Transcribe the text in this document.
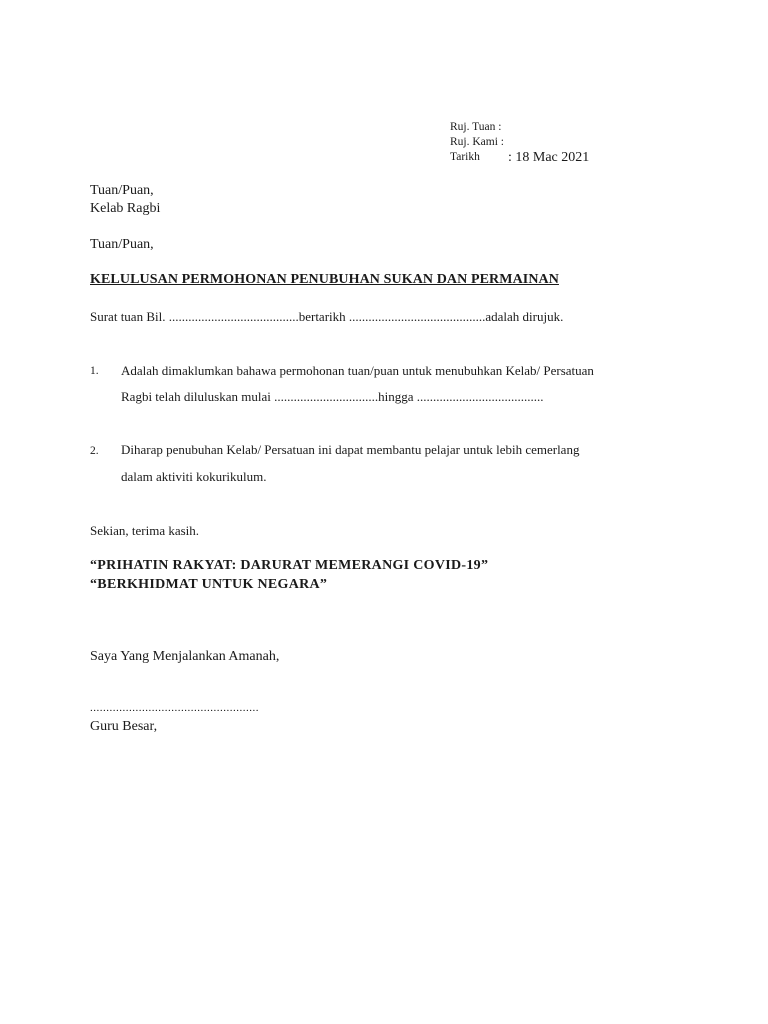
Ruj. Tuan :
Ruj. Kami :
Tarikh	: 18 Mac 2021
Tuan/Puan,
Kelab Ragbi
Tuan/Puan,
KELULUSAN PERMOHONAN PENUBUHAN SUKAN DAN PERMAINAN
Surat tuan Bil. ........................................bertarikh ..........................................adalah dirujuk.
1. Adalah dimaklumkan bahawa permohonan tuan/puan untuk menubuhkan Kelab/ Persatuan
Ragbi telah diluluskan mulai ................................hingga .......................................
2. Diharap penubuhan Kelab/ Persatuan ini dapat membantu pelajar untuk lebih cemerlang
dalam aktiviti kokurikulum.
Sekian, terima kasih.
“PRIHATIN RAKYAT: DARURAT MEMERANGI COVID-19”
“BERKHIDMAT UNTUK NEGARA”
Saya Yang Menjalankan Amanah,
....................................................
Guru Besar,
